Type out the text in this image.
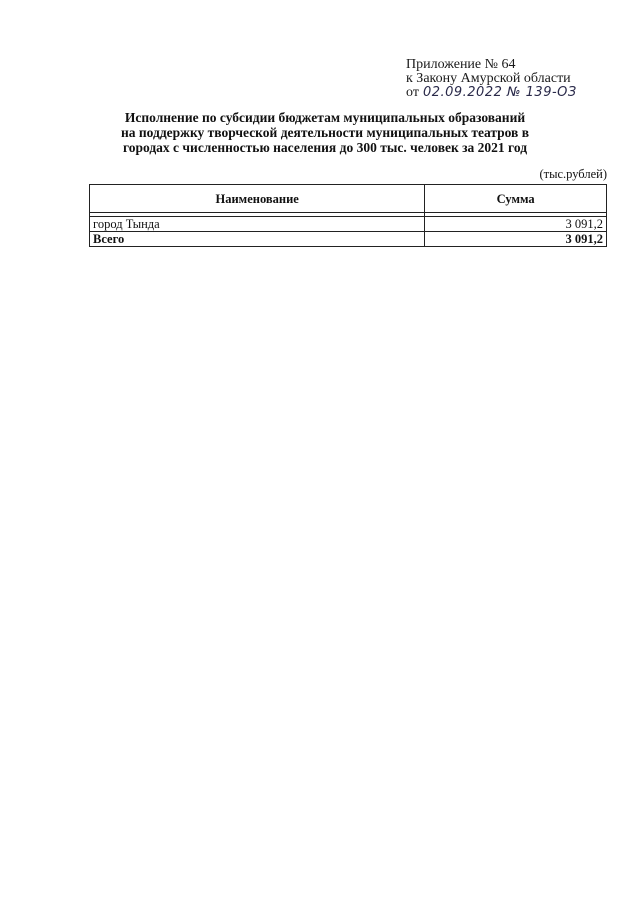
Приложение № 64
к Закону Амурской области
от 02.09.2022 № 139-ОЗ
Исполнение по субсидии бюджетам муниципальных образований
на поддержку творческой деятельности муниципальных театров в
городах с численностью населения до 300 тыс. человек за 2021 год
(тыс.рублей)
Наименование	Сумма

город Тында	3 091,2
Всего	3 091,2
